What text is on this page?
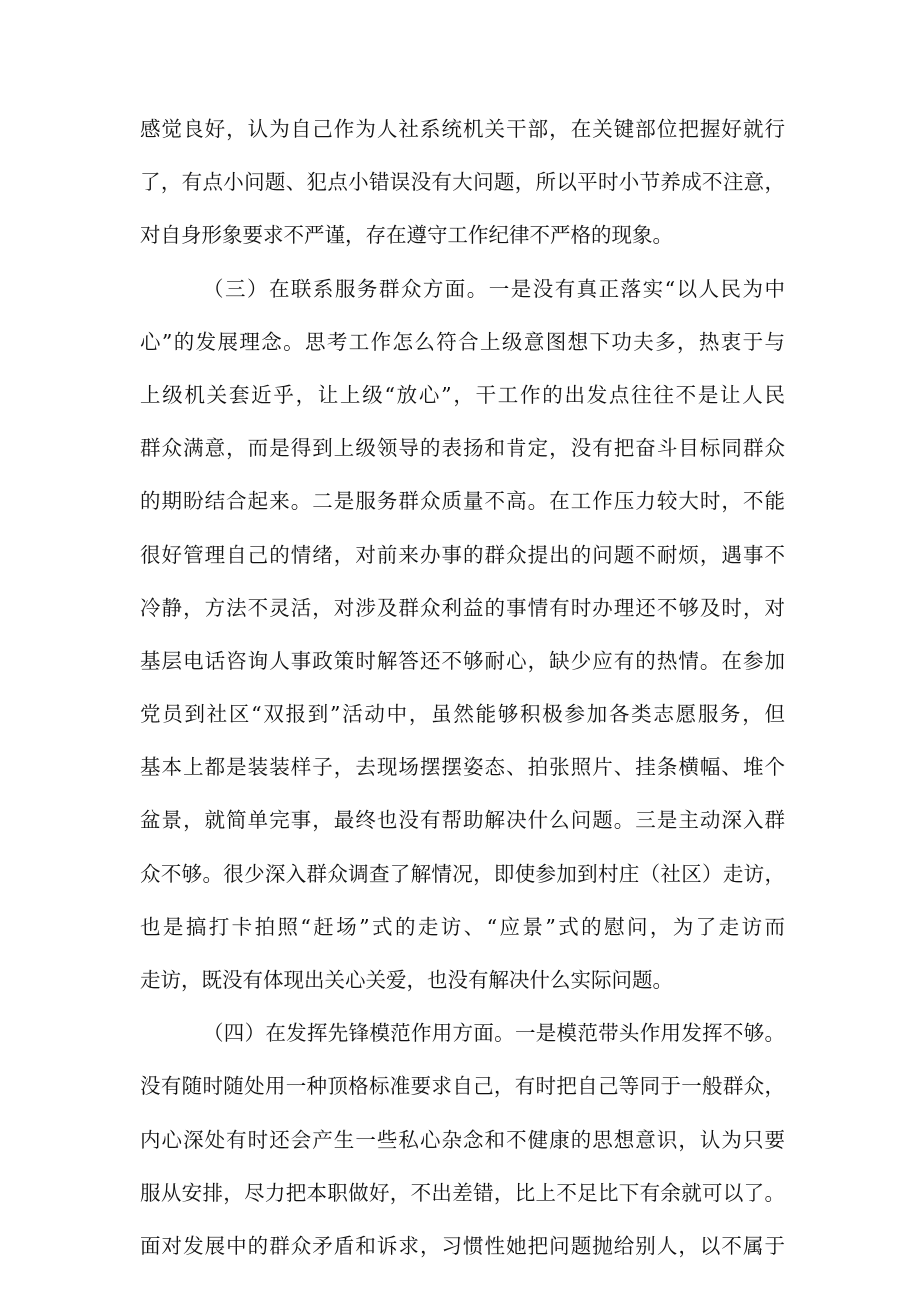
感觉良好，认为自己作为人社系统机关干部，在关键部位把握好就行
了，有点小问题、犯点小错误没有大问题，所以平时小节养成不注意，
对自身形象要求不严谨，存在遵守工作纪律不严格的现象。
（三）在联系服务群众方面。一是没有真正落实“以人民为中
心”的发展理念。思考工作怎么符合上级意图想下功夫多，热衷于与
上级机关套近乎，让上级“放心”，干工作的出发点往往不是让人民
群众满意，而是得到上级领导的表扬和肯定，没有把奋斗目标同群众
的期盼结合起来。二是服务群众质量不高。在工作压力较大时，不能
很好管理自己的情绪，对前来办事的群众提出的问题不耐烦，遇事不
冷静，方法不灵活，对涉及群众利益的事情有时办理还不够及时，对
基层电话咨询人事政策时解答还不够耐心，缺少应有的热情。在参加
党员到社区“双报到”活动中，虽然能够积极参加各类志愿服务，但
基本上都是装装样子，去现场摆摆姿态、拍张照片、挂条横幅、堆个
盆景，就简单完事，最终也没有帮助解决什么问题。三是主动深入群
众不够。很少深入群众调查了解情况，即使参加到村庄（社区）走访，
也是搞打卡拍照“赶场”式的走访、“应景”式的慰问，为了走访而
走访，既没有体现出关心关爱，也没有解决什么实际问题。
（四）在发挥先锋模范作用方面。一是模范带头作用发挥不够。
没有随时随处用一种顶格标准要求自己，有时把自己等同于一般群众，
内心深处有时还会产生一些私心杂念和不健康的思想意识，认为只要
服从安排，尽力把本职做好，不出差错，比上不足比下有余就可以了。
面对发展中的群众矛盾和诉求，习惯性她把问题抛给别人，以不属于
